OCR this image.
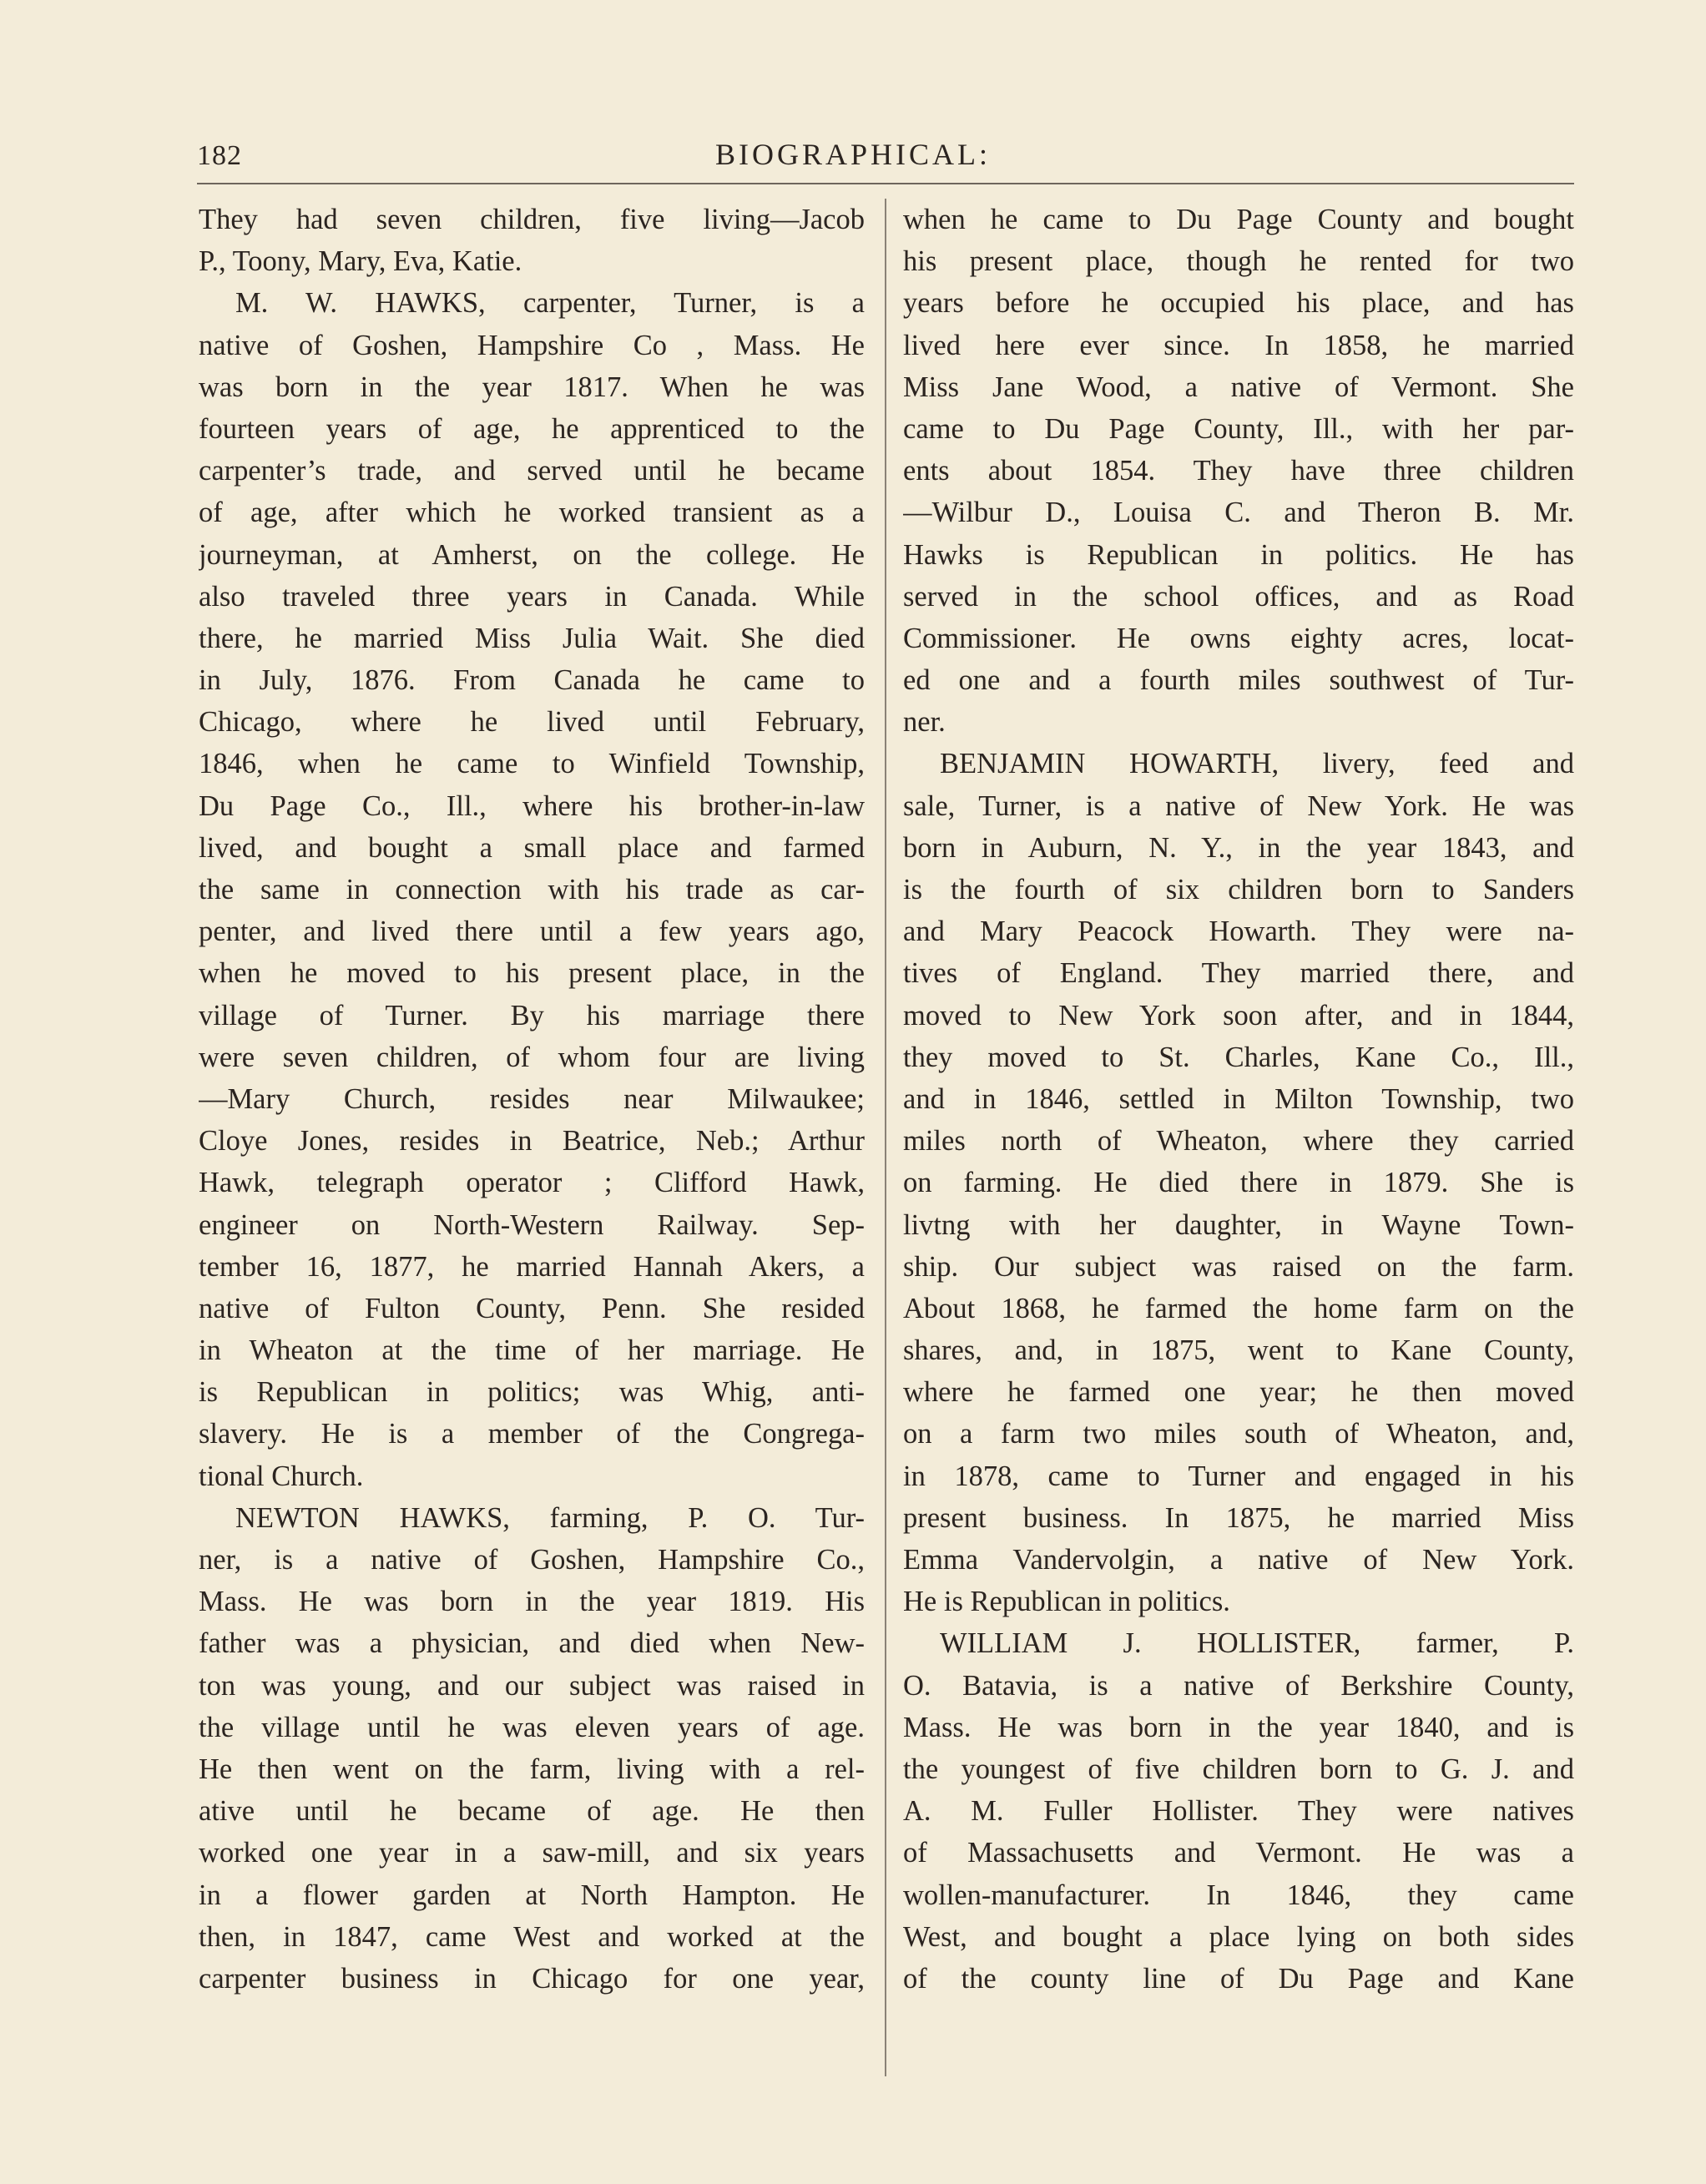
182	BIOGRAPHICAL:
They had seven children, five living—Jacob
P., Toony, Mary, Eva, Katie.
M. W. HAWKS, carpenter, Turner, is a
native of Goshen, Hampshire Co , Mass. He
was born in the year 1817. When he was
fourteen years of age, he apprenticed to the
carpenter’s trade, and served until he became
of age, after which he worked transient as a
journeyman, at Amherst, on the college. He
also traveled three years in Canada. While
there, he married Miss Julia Wait. She died
in July, 1876. From Canada he came to
Chicago, where he lived until February,
1846, when he came to Winfield Township,
Du Page Co., Ill., where his brother-in-law
lived, and bought a small place and farmed
the same in connection with his trade as car-
penter, and lived there until a few years ago,
when he moved to his present place, in the
village of Turner. By his marriage there
were seven children, of whom four are living
—Mary Church, resides near Milwaukee;
Cloye Jones, resides in Beatrice, Neb.; Arthur
Hawk, telegraph operator ; Clifford Hawk,
engineer on North-Western Railway. Sep-
tember 16, 1877, he married Hannah Akers, a
native of Fulton County, Penn. She resided
in Wheaton at the time of her marriage. He
is Republican in politics; was Whig, anti-
slavery. He is a member of the Congrega-
tional Church.
NEWTON HAWKS, farming, P. O. Tur-
ner, is a native of Goshen, Hampshire Co.,
Mass. He was born in the year 1819. His
father was a physician, and died when New-
ton was young, and our subject was raised in
the village until he was eleven years of age.
He then went on the farm, living with a rel-
ative until he became of age. He then
worked one year in a saw-mill, and six years
in a flower garden at North Hampton. He
then, in 1847, came West and worked at the
carpenter business in Chicago for one year,
when he came to Du Page County and bought
his present place, though he rented for two
years before he occupied his place, and has
lived here ever since. In 1858, he married
Miss Jane Wood, a native of Vermont. She
came to Du Page County, Ill., with her par-
ents about 1854. They have three children
—Wilbur D., Louisa C. and Theron B. Mr.
Hawks is Republican in politics. He has
served in the school offices, and as Road
Commissioner. He owns eighty acres, locat-
ed one and a fourth miles southwest of Tur-
ner.
BENJAMIN HOWARTH, livery, feed and
sale, Turner, is a native of New York. He was
born in Auburn, N. Y., in the year 1843, and
is the fourth of six children born to Sanders
and Mary Peacock Howarth. They were na-
tives of England. They married there, and
moved to New York soon after, and in 1844,
they moved to St. Charles, Kane Co., Ill.,
and in 1846, settled in Milton Township, two
miles north of Wheaton, where they carried
on farming. He died there in 1879. She is
livtng with her daughter, in Wayne Town-
ship. Our subject was raised on the farm.
About 1868, he farmed the home farm on the
shares, and, in 1875, went to Kane County,
where he farmed one year; he then moved
on a farm two miles south of Wheaton, and,
in 1878, came to Turner and engaged in his
present business. In 1875, he married Miss
Emma Vandervolgin, a native of New York.
He is Republican in politics.
WILLIAM J. HOLLISTER, farmer, P.
O. Batavia, is a native of Berkshire County,
Mass. He was born in the year 1840, and is
the youngest of five children born to G. J. and
A. M. Fuller Hollister. They were natives
of Massachusetts and Vermont. He was a
wollen-manufacturer. In 1846, they came
West, and bought a place lying on both sides
of the county line of Du Page and Kane
